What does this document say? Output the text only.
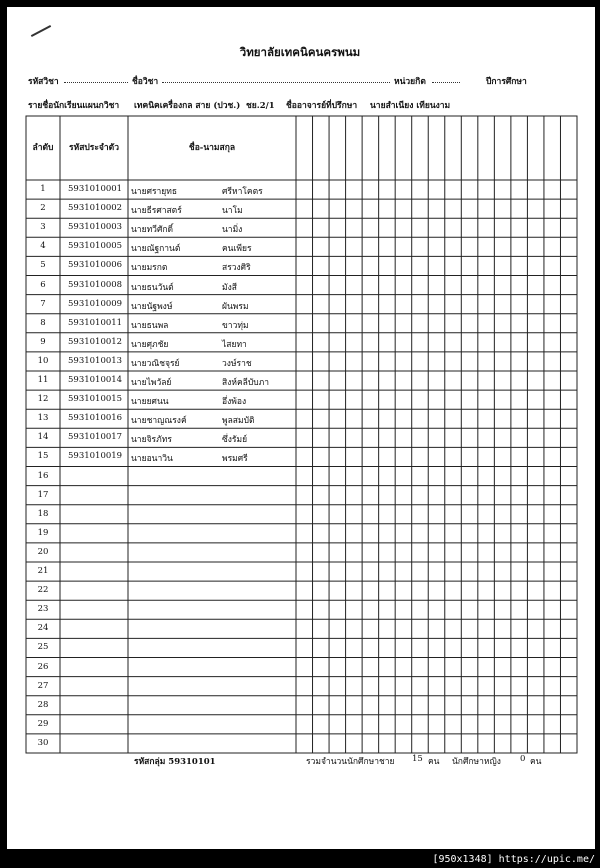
วิทยาลัยเทคนิคนครพนม
รหัสวิชา	ชื่อวิชา	หน่วยกิต	ปีการศึกษา
รายชื่อนักเรียนแผนกวิชา เทคนิคเครื่องกล สาย (ปวช.) ชย.2/1 ชื่ออาจารย์ที่ปรึกษา นายสำเนียง เทียนงาม
ลำดับ	รหัสประจำตัว	ชื่อ-นามสกุล
1	5931010001 นายศรายุทธ	ศรีหาโคตร
2	5931010002 นายธีรศาสตร์	นาโม
3	5931010003 นายทวีศักดิ์	นามิ่ง
4	5931010005 นายณัฐกานต์	คนเพียร
5	5931010006 นายมรกต	สรวงศิริ
6	5931010008 นายธนวันต์	มังสี
7	5931010009 นายนัฐพงษ์	ผันพรม
8	5931010011 นายธนพล	ขาวทุ่ม
9	5931010012 นายศุภชัย	ไสยทา
10	5931010013 นายวณิชจุรย์	วงษ์ราช
11	5931010014 นายไพวัลย์	สิงห์คลีบับภา
12	5931010015 นายยศนน	อึ่งพ้อง
13	5931010016 นายชาญณรงค์	พูลสมบัติ
14	5931010017 นายจิรภัทร	ซึ่งรัมย์
15	5931010019 นายอนาวิน	พรมศรี
16
17
18
19
20
21
22
23
24
25
26
27
28
29
30
รหัสกลุ่ม 59310101	รวมจำนวนนักศึกษาชาย 15 คน นักศึกษาหญิง 0 คน
[950x1348] https://upic.me/
